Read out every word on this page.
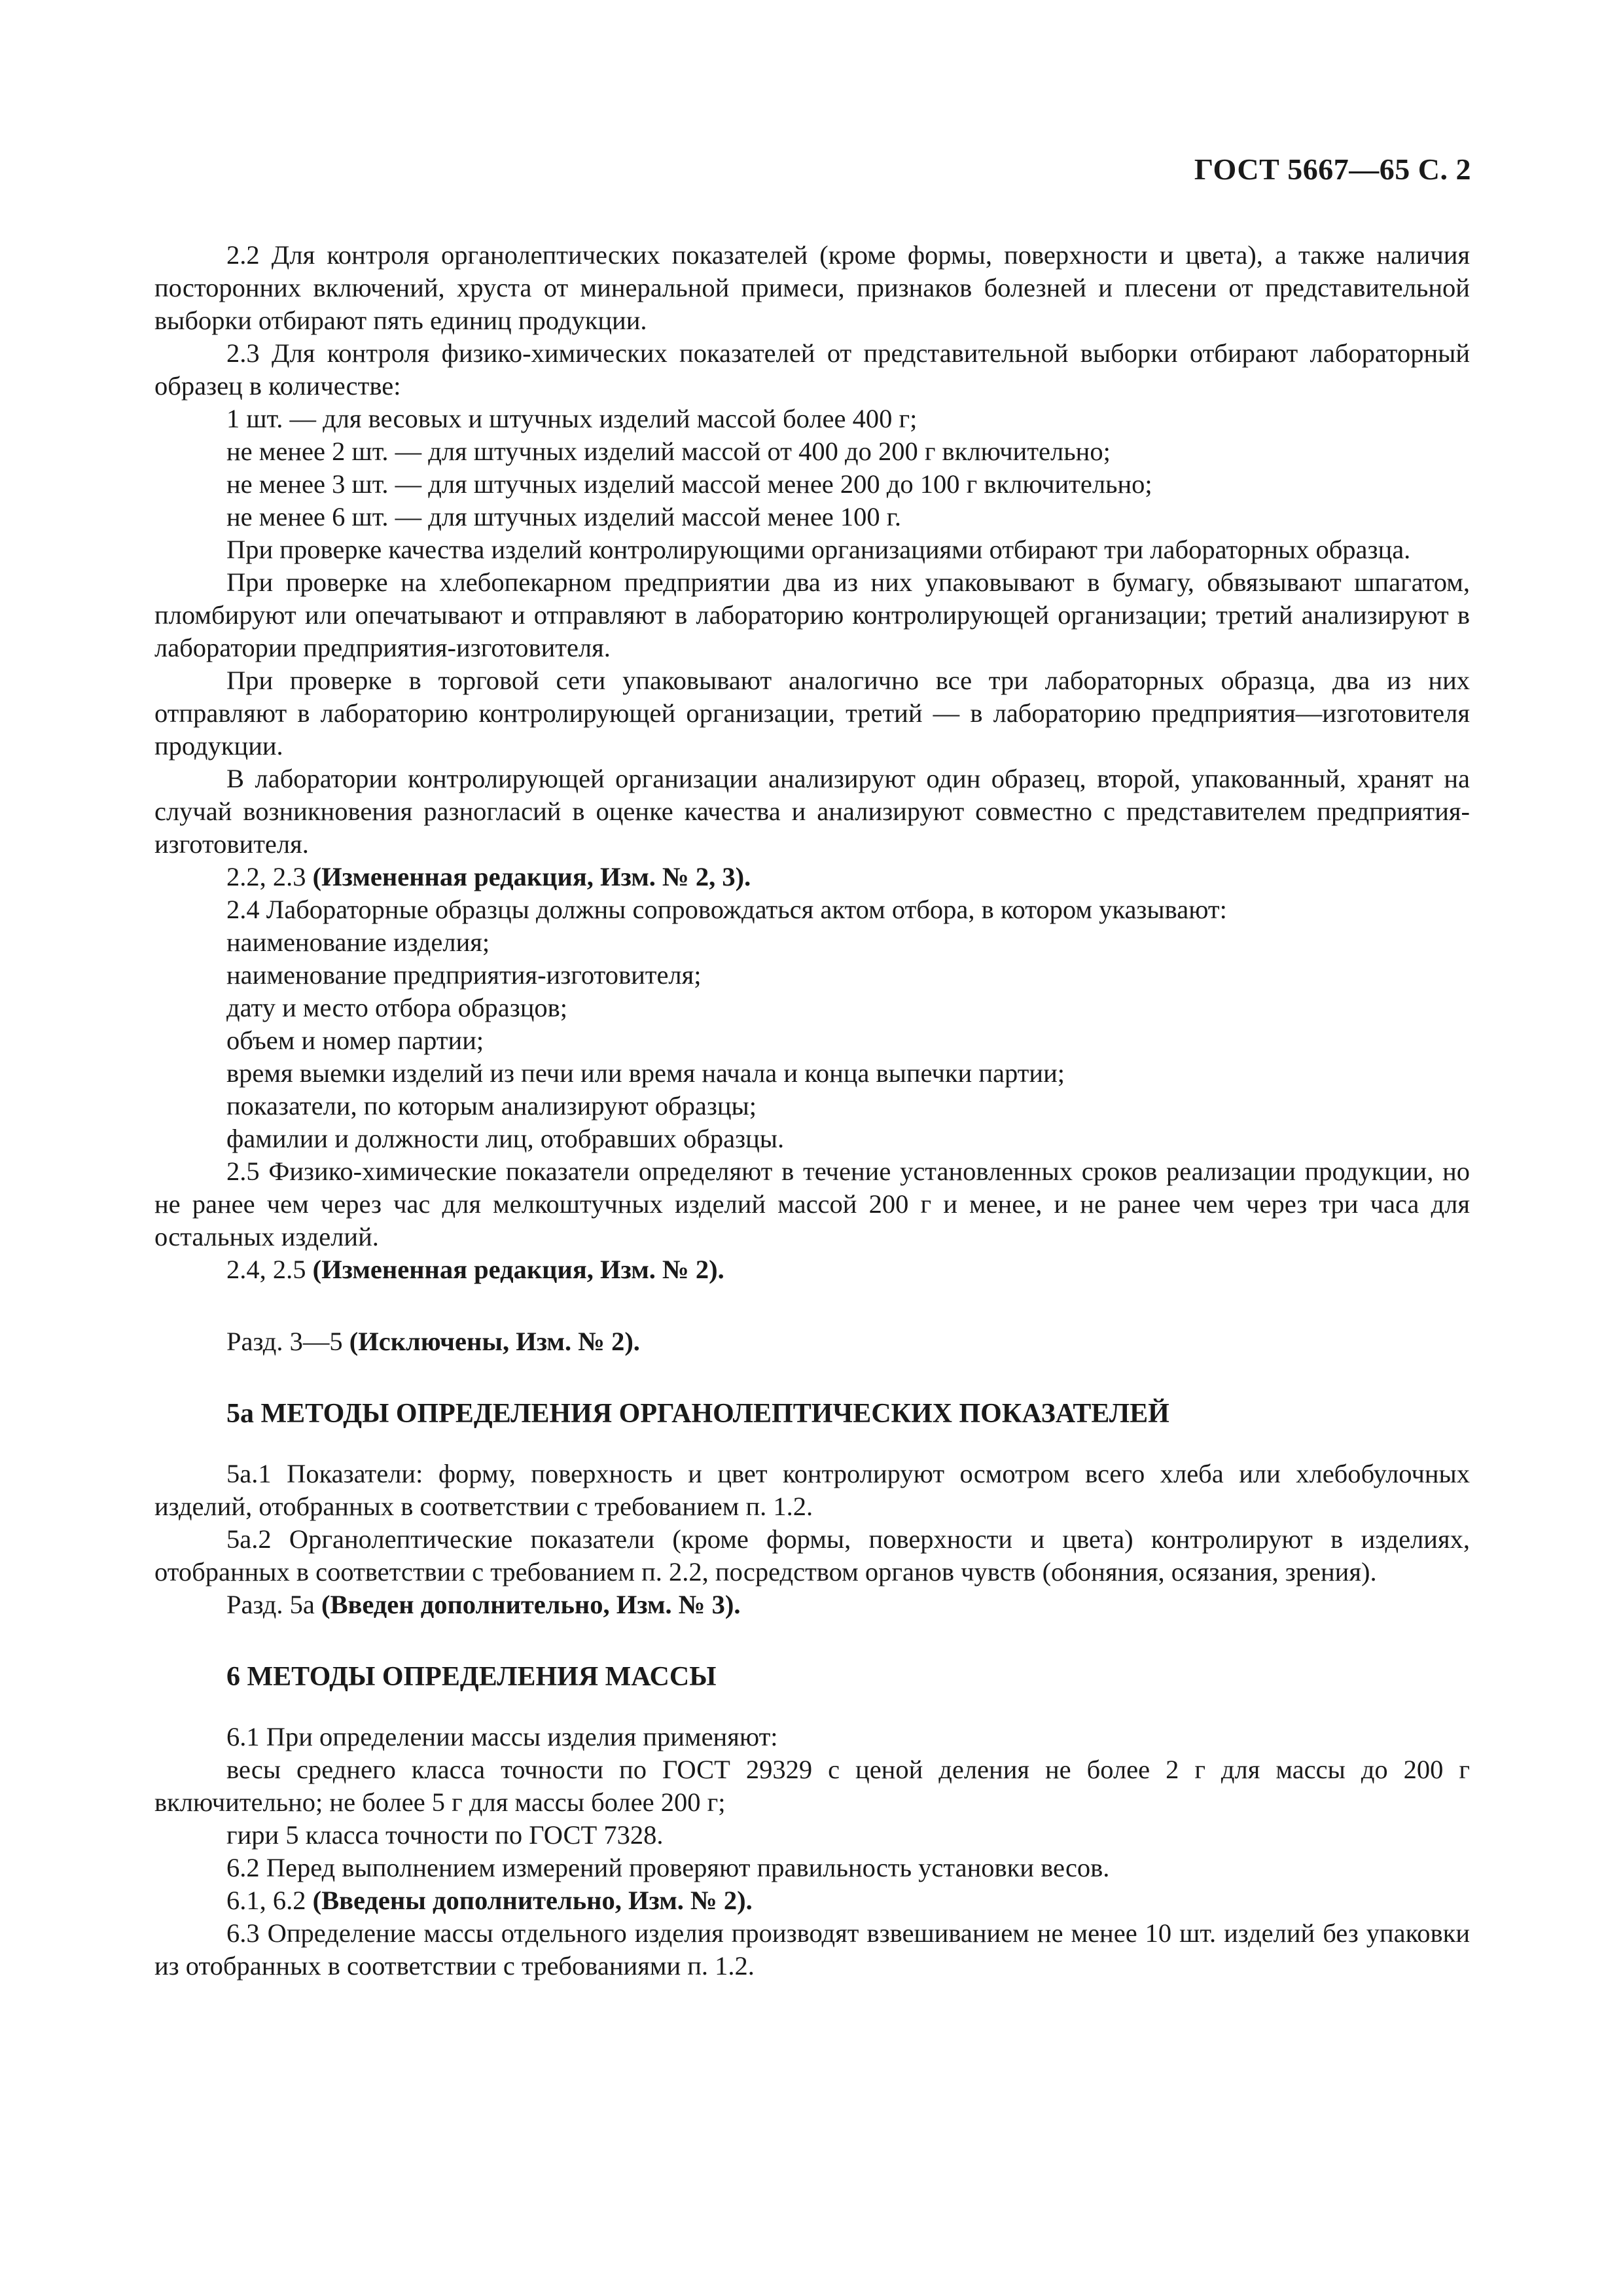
ГОСТ 5667—65 С. 2

2.2 Для контроля органолептических показателей (кроме формы, поверхности и цвета), а также наличия посторонних включений, хруста от минеральной примеси, признаков болезней и плесени от представительной выборки отбирают пять единиц продукции.

2.3 Для контроля физико-химических показателей от представительной выборки отбирают лабораторный образец в количестве:

1 шт. — для весовых и штучных изделий массой более 400 г;

не менее 2 шт. — для штучных изделий массой от 400 до 200 г включительно;

не менее 3 шт. — для штучных изделий массой менее 200 до 100 г включительно;

не менее 6 шт. — для штучных изделий массой менее 100 г.

При проверке качества изделий контролирующими организациями отбирают три лабораторных образца.

При проверке на хлебопекарном предприятии два из них упаковывают в бумагу, обвязывают шпагатом, пломбируют или опечатывают и отправляют в лабораторию контролирующей организации; третий анализируют в лаборатории предприятия-изготовителя.

При проверке в торговой сети упаковывают аналогично все три лабораторных образца, два из них отправляют в лабораторию контролирующей организации, третий — в лабораторию предприятия—изготовителя продукции.

В лаборатории контролирующей организации анализируют один образец, второй, упакованный, хранят на случай возникновения разногласий в оценке качества и анализируют совместно с представителем предприятия-изготовителя.

2.2, 2.3 (Измененная редакция, Изм. № 2, 3).

2.4 Лабораторные образцы должны сопровождаться актом отбора, в котором указывают:

наименование изделия;

наименование предприятия-изготовителя;

дату и место отбора образцов;

объем и номер партии;

время выемки изделий из печи или время начала и конца выпечки партии;

показатели, по которым анализируют образцы;

фамилии и должности лиц, отобравших образцы.

2.5 Физико-химические показатели определяют в течение установленных сроков реализации продукции, но не ранее чем через час для мелкоштучных изделий массой 200 г и менее, и не ранее чем через три часа для остальных изделий.

2.4, 2.5 (Измененная редакция, Изм. № 2).

Разд. 3—5 (Исключены, Изм. № 2).

5а МЕТОДЫ ОПРЕДЕЛЕНИЯ ОРГАНОЛЕПТИЧЕСКИХ ПОКАЗАТЕЛЕЙ

5а.1 Показатели: форму, поверхность и цвет контролируют осмотром всего хлеба или хлебобулочных изделий, отобранных в соответствии с требованием п. 1.2.

5а.2 Органолептические показатели (кроме формы, поверхности и цвета) контролируют в изделиях, отобранных в соответствии с требованием п. 2.2, посредством органов чувств (обоняния, осязания, зрения).

Разд. 5а (Введен дополнительно, Изм. № 3).

6 МЕТОДЫ ОПРЕДЕЛЕНИЯ МАССЫ

6.1 При определении массы изделия применяют:

весы среднего класса точности по ГОСТ 29329 с ценой деления не более 2 г для массы до 200 г включительно; не более 5 г для массы более 200 г;

гири 5 класса точности по ГОСТ 7328.

6.2 Перед выполнением измерений проверяют правильность установки весов.

6.1, 6.2 (Введены дополнительно, Изм. № 2).

6.3 Определение массы отдельного изделия производят взвешиванием не менее 10 шт. изделий без упаковки из отобранных в соответствии с требованиями п. 1.2.
